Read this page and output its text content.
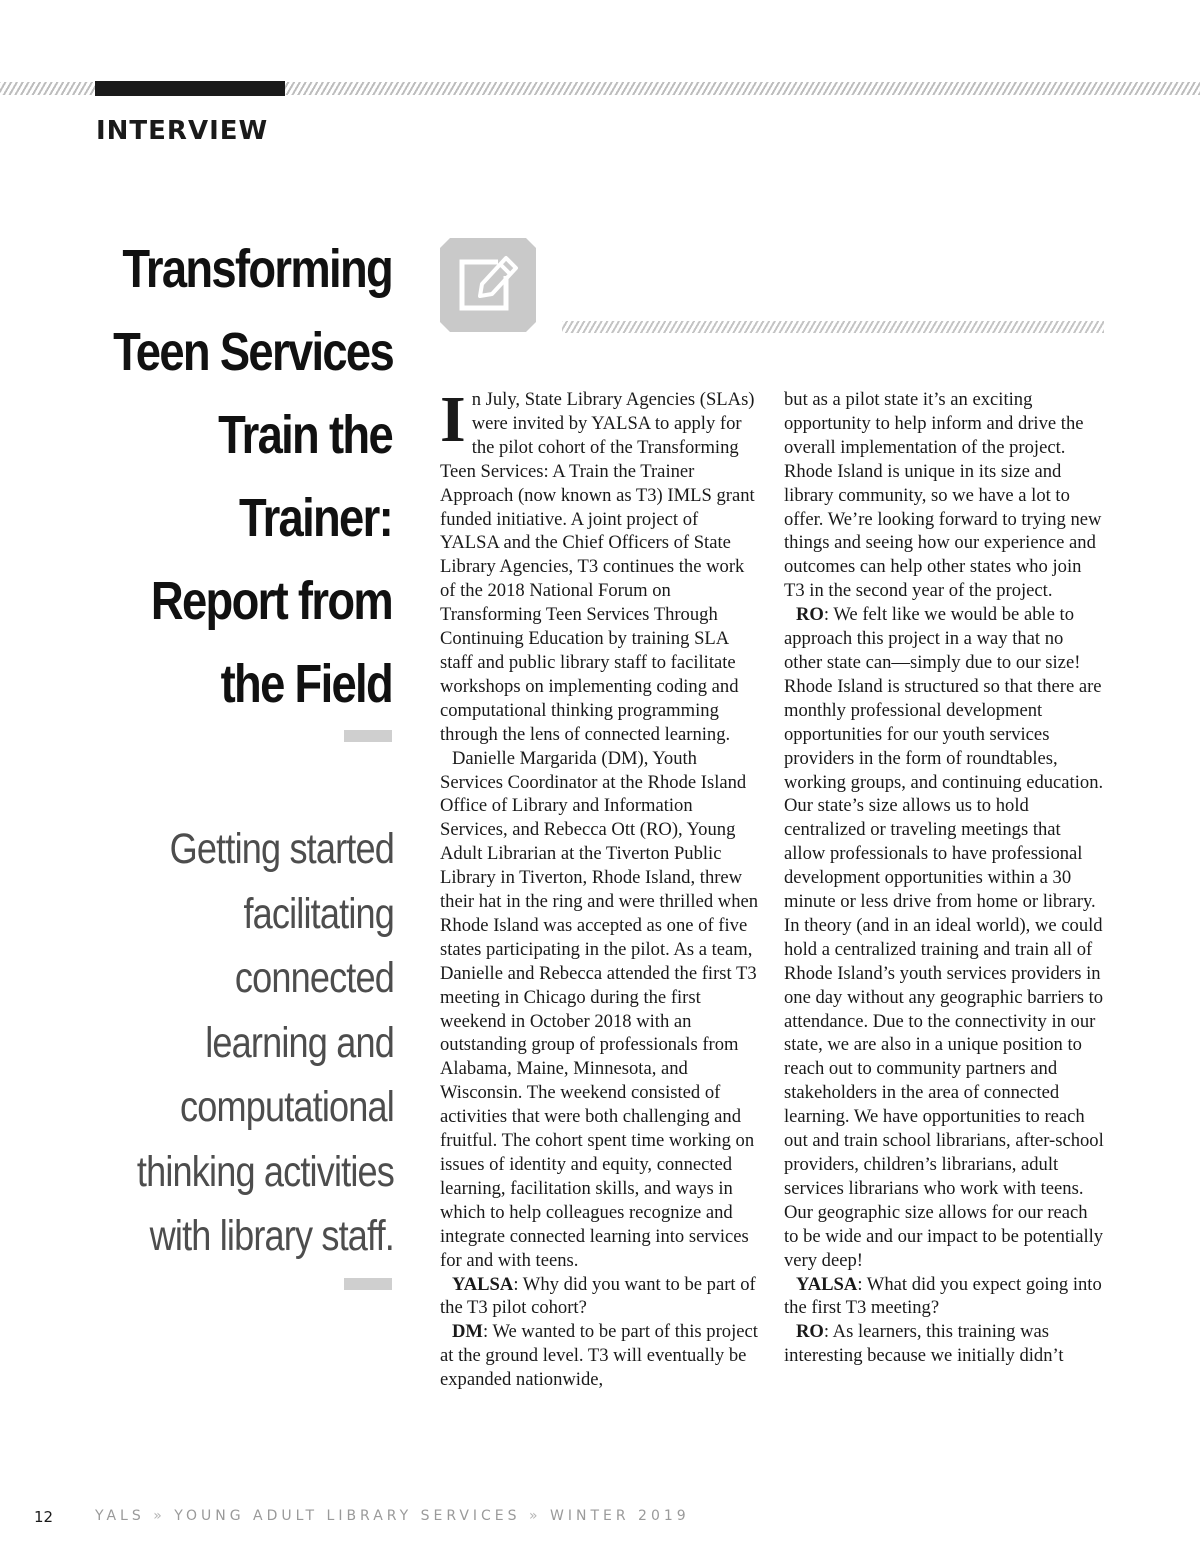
INTERVIEW
Transforming
Teen Services
Train the
Trainer:
Report from
the Field
Getting started
facilitating
connected
learning and
computational
thinking activities
with library staff.

In July, State Library Agencies (SLAs) were invited by YALSA to apply for the pilot cohort of the Transforming Teen Services: A Train the Trainer Approach (now known as T3) IMLS grant funded initiative. A joint project of YALSA and the Chief Officers of State Library Agencies, T3 continues the work of the 2018 National Forum on Transforming Teen Services Through Continuing Education by training SLA staff and public library staff to facilitate workshops on implementing coding and computational thinking programming through the lens of connected learning.

Danielle Margarida (DM), Youth Services Coordinator at the Rhode Island Office of Library and Information Services, and Rebecca Ott (RO), Young Adult Librarian at the Tiverton Public Library in Tiverton, Rhode Island, threw their hat in the ring and were thrilled when Rhode Island was accepted as one of five states participating in the pilot. As a team, Danielle and Rebecca attended the first T3 meeting in Chicago during the first weekend in October 2018 with an outstanding group of professionals from Alabama, Maine, Minnesota, and Wisconsin. The weekend consisted of activities that were both challenging and fruitful. The cohort spent time working on issues of identity and equity, connected learning, facilitation skills, and ways in which to help colleagues recognize and integrate connected learning into services for and with teens.

YALSA: Why did you want to be part of the T3 pilot cohort?

DM: We wanted to be part of this project at the ground level. T3 will eventually be expanded nationwide,

but as a pilot state it’s an exciting opportunity to help inform and drive the overall implementation of the project. Rhode Island is unique in its size and library community, so we have a lot to offer. We’re looking forward to trying new things and seeing how our experience and outcomes can help other states who join T3 in the second year of the project.

RO: We felt like we would be able to approach this project in a way that no other state can—simply due to our size! Rhode Island is structured so that there are monthly professional development opportunities for our youth services providers in the form of roundtables, working groups, and continuing education. Our state’s size allows us to hold centralized or traveling meetings that allow professionals to have professional development opportunities within a 30 minute or less drive from home or library. In theory (and in an ideal world), we could hold a centralized training and train all of Rhode Island’s youth services providers in one day without any geographic barriers to attendance. Due to the connectivity in our state, we are also in a unique position to reach out to community partners and stakeholders in the area of connected learning. We have opportunities to reach out and train school librarians, after-school providers, children’s librarians, adult services librarians who work with teens. Our geographic size allows for our reach to be wide and our impact to be potentially very deep!

YALSA: What did you expect going into the first T3 meeting?

RO: As learners, this training was interesting because we initially didn’t

12	YALS » YOUNG ADULT LIBRARY SERVICES » WINTER 2019
